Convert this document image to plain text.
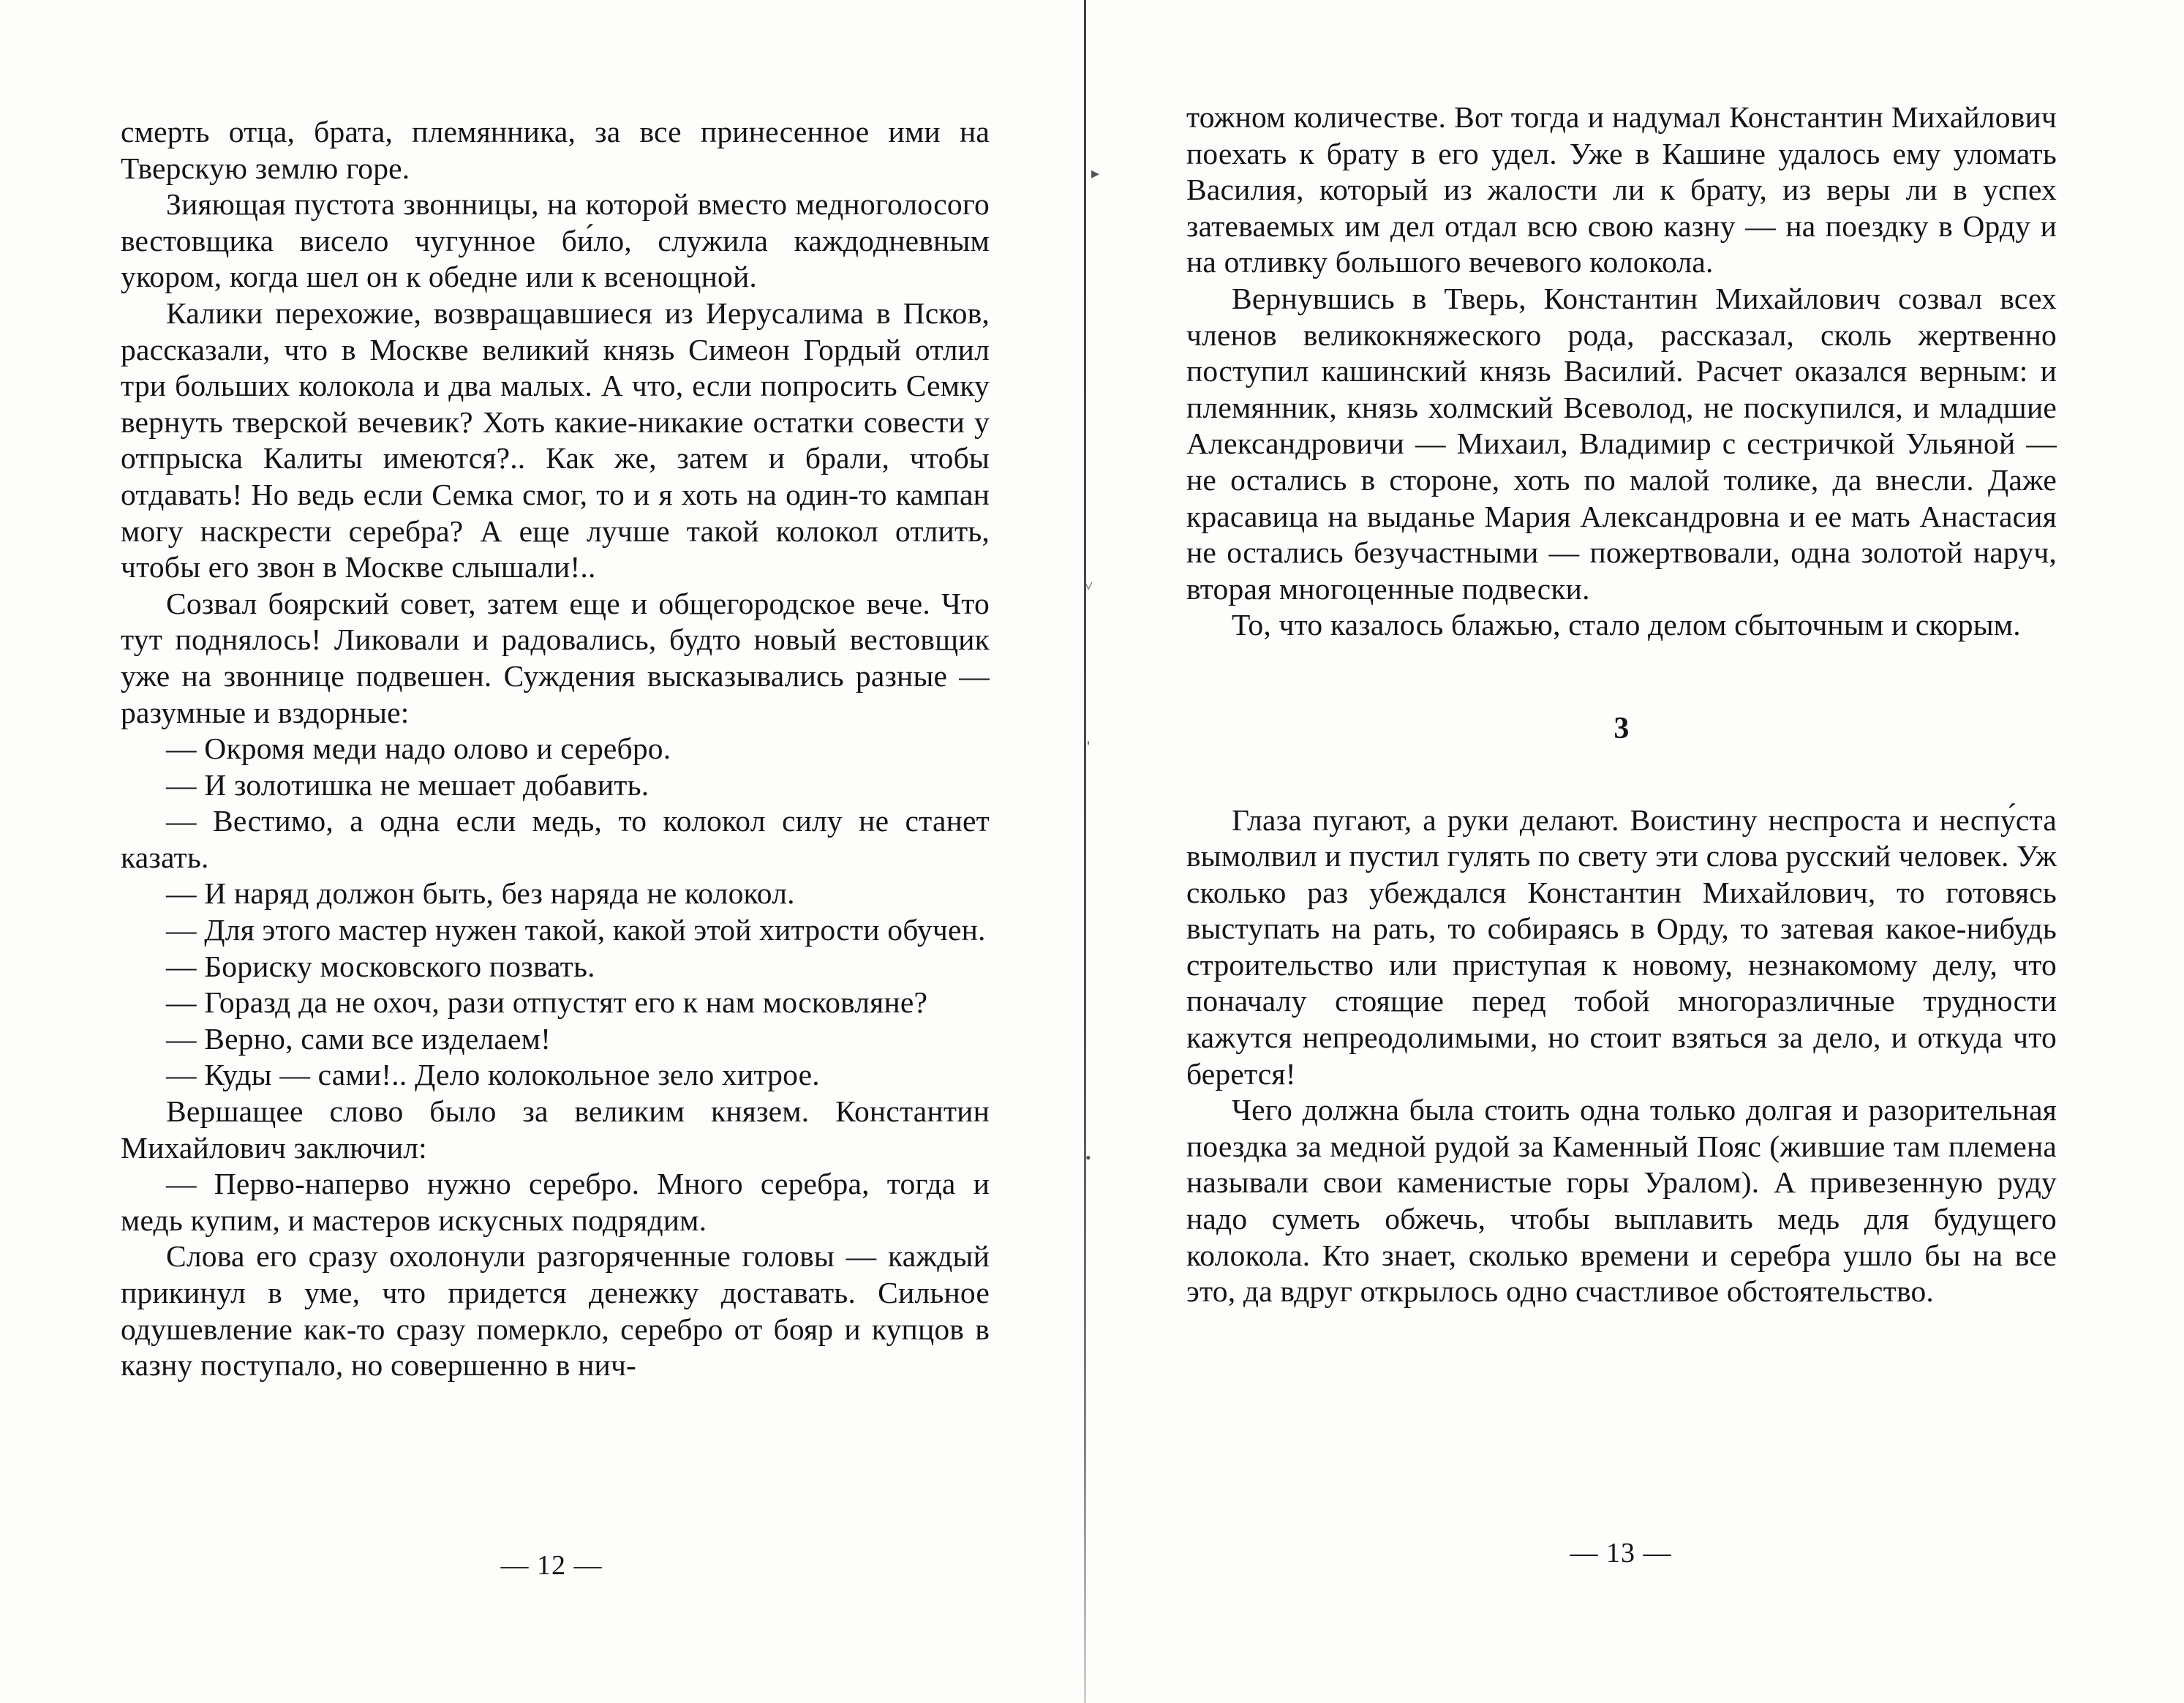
смерть отца, брата, племянника, за все принесенное ими на Тверскую землю горе.

Зияющая пустота звонницы, на которой вместо медноголосого вестовщика висело чугунное би́ло, служила каждодневным укором, когда шел он к обедне или к всенощной.

Калики перехожие, возвращавшиеся из Иерусалима в Псков, рассказали, что в Москве великий князь Симеон Гордый отлил три больших колокола и два малых. А что, если попросить Семку вернуть тверской вечевик? Хоть какие-никакие остатки совести у отпрыска Калиты имеются?.. Как же, затем и брали, чтобы отдавать! Но ведь если Семка смог, то и я хоть на один-то кампан могу наскрести серебра? А еще лучше такой колокол отлить, чтобы его звон в Москве слышали!..

Созвал боярский совет, затем еще и общегородское вече. Что тут поднялось! Ликовали и радовались, будто новый вестовщик уже на звоннице подвешен. Суждения высказывались разные — разумные и вздорные:

— Окромя меди надо олово и серебро.

— И золотишка не мешает добавить.

— Вестимо, а одна если медь, то колокол силу не станет казать.

— И наряд должон быть, без наряда не колокол.

— Для этого мастер нужен такой, какой этой хитрости обучен.

— Бориску московского позвать.

— Горазд да не охоч, рази отпустят его к нам московляне?

— Верно, сами все изделаем!

— Куды — сами!.. Дело колокольное зело хитрое.

Вершащее слово было за великим князем. Константин Михайлович заключил:

— Перво-наперво нужно серебро. Много серебра, тогда и медь купим, и мастеров искусных подрядим.

Слова его сразу охолонули разгоряченные головы — каждый прикинул в уме, что придется денежку доставать. Сильное одушевление как-то сразу померкло, серебро от бояр и купцов в казну поступало, но совершенно в нич-

— 12 —
▸
˅
'
•

тожном количестве. Вот тогда и надумал Константин Михайлович поехать к брату в его удел. Уже в Кашине удалось ему уломать Василия, который из жалости ли к брату, из веры ли в успех затеваемых им дел отдал всю свою казну — на поездку в Орду и на отливку большого вечевого колокола.

Вернувшись в Тверь, Константин Михайлович созвал всех членов великокняжеского рода, рассказал, сколь жертвенно поступил кашинский князь Василий. Расчет оказался верным: и племянник, князь холмский Всеволод, не поскупился, и младшие Александровичи — Михаил, Владимир с сестричкой Ульяной — не остались в стороне, хоть по малой толике, да внесли. Даже красавица на выданье Мария Александровна и ее мать Анастасия не остались безучастными — пожертвовали, одна золотой наруч, вторая многоценные подвески.

То, что казалось блажью, стало делом сбыточным и скорым.

3

Глаза пугают, а руки делают. Воистину неспроста и неспу́ста вымолвил и пустил гулять по свету эти слова русский человек. Уж сколько раз убеждался Константин Михайлович, то готовясь выступать на рать, то собираясь в Орду, то затевая какое-нибудь строительство или приступая к новому, незнакомому делу, что поначалу стоящие перед тобой многоразличные трудности кажутся непреодолимыми, но стоит взяться за дело, и откуда что берется!

Чего должна была стоить одна только долгая и разорительная поездка за медной рудой за Каменный Пояс (жившие там племена называли свои каменистые горы Уралом). А привезенную руду надо суметь обжечь, чтобы выплавить медь для будущего колокола. Кто знает, сколько времени и серебра ушло бы на все это, да вдруг открылось одно счастливое обстоятельство.

— 13 —
